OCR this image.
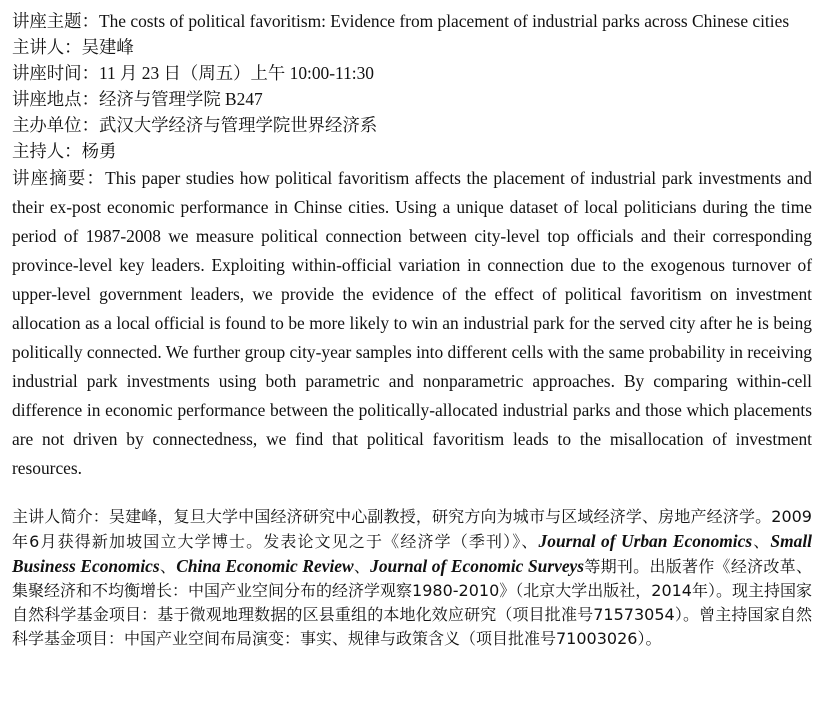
讲座主题：The costs of political favoritism: Evidence from placement of industrial parks across Chinese cities

主讲人：吴建峰

讲座时间：11 月 23 日（周五）上午 10:00-11:30

讲座地点：经济与管理学院 B247

主办单位：武汉大学经济与管理学院世界经济系

主持人：杨勇

讲座摘要：This paper studies how political favoritism affects the placement of industrial park investments and their ex-post economic performance in Chinse cities. Using a unique dataset of local politicians during the time period of 1987-2008 we measure political connection between city-level top officials and their corresponding province-level key leaders. Exploiting within-official variation in connection due to the exogenous turnover of upper-level government leaders, we provide the evidence of the effect of political favoritism on investment allocation as a local official is found to be more likely to win an industrial park for the served city after he is being politically connected. We further group city-year samples into different cells with the same probability in receiving industrial park investments using both parametric and nonparametric approaches. By comparing within-cell difference in economic performance between the politically-allocated industrial parks and those which placements are not driven by connectedness, we find that political favoritism leads to the misallocation of investment resources.

主讲人简介：吴建峰，复旦大学中国经济研究中心副教授，研究方向为城市与区域经济学、房地产经济学。2009年6月获得新加坡国立大学博士。发表论文见之于《经济学（季刊）》、Journal of Urban Economics、Small Business Economics、China Economic Review、Journal of Economic Surveys等期刊。出版著作《经济改革、集聚经济和不均衡增长：中国产业空间分布的经济学观察1980-2010》（北京大学出版社，2014年）。现主持国家自然科学基金项目：基于微观地理数据的区县重组的本地化效应研究（项目批准号71573054）。曾主持国家自然科学基金项目：中国产业空间布局演变：事实、规律与政策含义（项目批准号71003026）。
